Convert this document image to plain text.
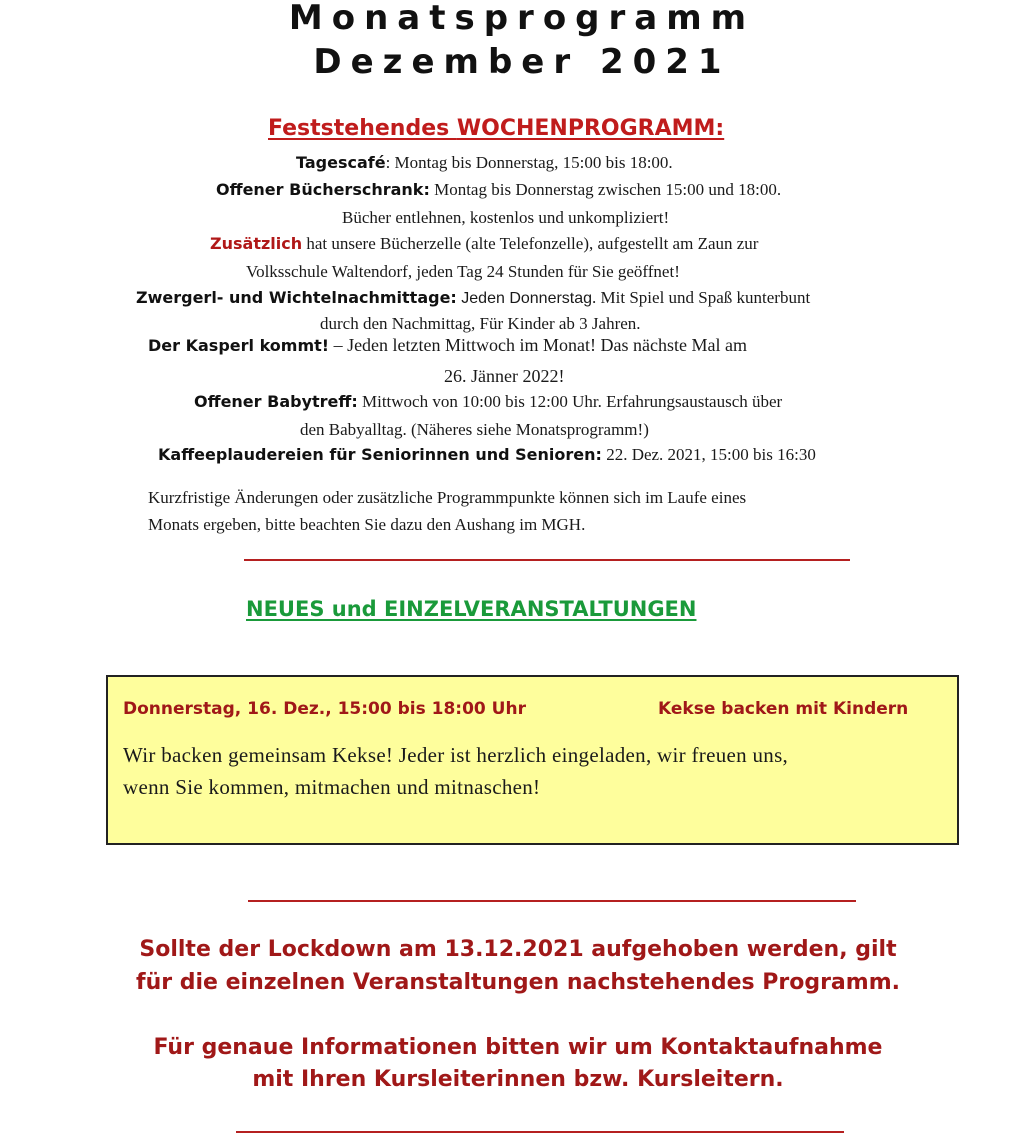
Monatsprogramm
Dezember 2021
Feststehendes WOCHENPROGRAMM:
Tagescafé: Montag bis Donnerstag, 15:00 bis 18:00.
Offener Bücherschrank: Montag bis Donnerstag zwischen 15:00 und 18:00.
Bücher entlehnen, kostenlos und unkompliziert!
Zusätzlich hat unsere Bücherzelle (alte Telefonzelle), aufgestellt am Zaun zur
Volksschule Waltendorf, jeden Tag 24 Stunden für Sie geöffnet!
Zwergerl- und Wichtelnachmittage: Jeden Donnerstag. Mit Spiel und Spaß kunterbunt
durch den Nachmittag, Für Kinder ab 3 Jahren.
Der Kasperl kommt! – Jeden letzten Mittwoch im Monat! Das nächste Mal am
26. Jänner 2022!
Offener Babytreff: Mittwoch von 10:00 bis 12:00 Uhr. Erfahrungsaustausch über
den Babyalltag. (Näheres siehe Monatsprogramm!)
Kaffeeplaudereien für Seniorinnen und Senioren: 22. Dez. 2021, 15:00 bis 16:30
Kurzfristige Änderungen oder zusätzliche Programmpunkte können sich im Laufe eines
Monats ergeben, bitte beachten Sie dazu den Aushang im MGH.
NEUES und EINZELVERANSTALTUNGEN
Donnerstag, 16. Dez., 15:00 bis 18:00 Uhr	Kekse backen mit Kindern
Wir backen gemeinsam Kekse! Jeder ist herzlich eingeladen, wir freuen uns,
wenn Sie kommen, mitmachen und mitnaschen!
Sollte der Lockdown am 13.12.2021 aufgehoben werden, gilt
für die einzelnen Veranstaltungen nachstehendes Programm.
Für genaue Informationen bitten wir um Kontaktaufnahme
mit Ihren Kursleiterinnen bzw. Kursleitern.
